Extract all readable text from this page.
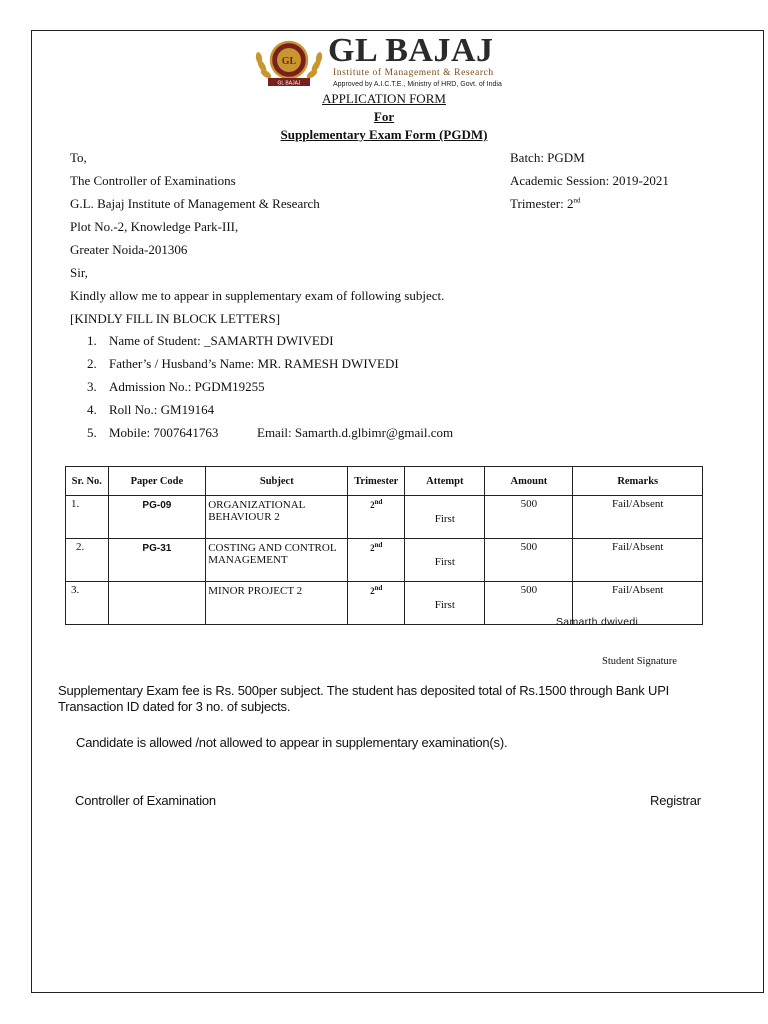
GL
GL BAJAJ
GL BAJAJ
Institute of Management & Research
Approved by A.I.C.T.E., Ministry of HRD, Govt. of India
APPLICATION FORM
For
Supplementary Exam Form (PGDM)
To,
The Controller of Examinations
G.L. Bajaj Institute of Management & Research
Plot No.-2, Knowledge Park-III,
Greater Noida-201306
Batch: PGDM
Academic Session: 2019-2021
Trimester: 2nd
Sir,
Kindly allow me to appear in supplementary exam of following subject.
[KINDLY FILL IN BLOCK LETTERS]
1. Name of Student: _SAMARTH DWIVEDI
2. Father’s / Husband’s Name: MR. RAMESH DWIVEDI
3. Admission No.: PGDM19255
4. Roll No.: GM19164
5. Mobile: 7007641763	Email: Samarth.d.glbimr@gmail.com
Sr. No.	Paper Code	Subject	Trimester	Attempt	Amount	Remarks
1.	PG-09	ORGANIZATIONAL BEHAVIOUR 2	2nd	First	500	Fail/Absent
2.	PG-31	COSTING AND CONTROL MANAGEMENT	2nd	First	500	Fail/Absent
3.		MINOR PROJECT 2	2nd	First	500	Fail/Absent
Samarth dwivedi
Student Signature
Supplementary Exam fee is Rs. 500per subject. The student has deposited total of Rs.1500 through Bank UPI Transaction ID dated for 3 no. of subjects.
Candidate is allowed /not allowed to appear in supplementary examination(s).
Controller of Examination	Registrar
